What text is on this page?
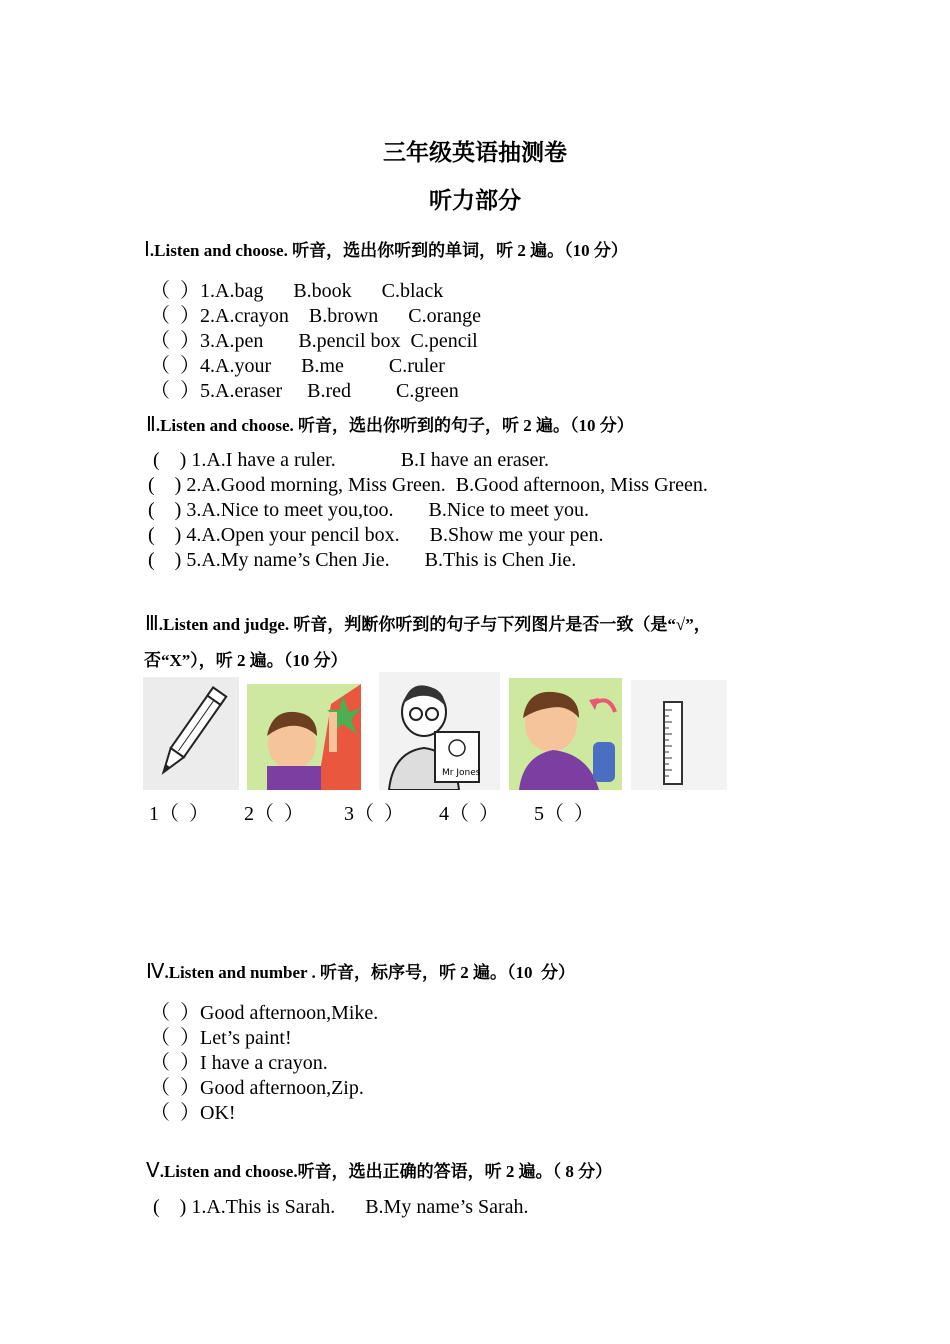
三年级英语抽测卷
听力部分
Ⅰ.Listen and choose. 听音，选出你听到的单词，听 2 遍。（10 分）
（  ）1.A.bag      B.book      C.black
（  ）2.A.crayon    B.brown      C.orange
（  ）3.A.pen       B.pencil box  C.pencil
（  ）4.A.your      B.me         C.ruler
（  ）5.A.eraser     B.red         C.green
Ⅱ.Listen and choose. 听音，选出你听到的句子，听 2 遍。（10 分）
(    ) 1.A.I have a ruler.             B.I have an eraser.
(    ) 2.A.Good morning, Miss Green.  B.Good afternoon, Miss Green.
(    ) 3.A.Nice to meet you,too.       B.Nice to meet you.
(    ) 4.A.Open your pencil box.      B.Show me your pen.
(    ) 5.A.My name’s Chen Jie.       B.This is Chen Jie.
Ⅲ.Listen and judge. 听音，判断你听到的句子与下列图片是否一致（是“√”，
否“X”），听 2 遍。（10 分）
Mr Jones
1（  ） 2（  ） 3（  ） 4（  ） 5（  ）
Ⅳ.Listen and number . 听音，标序号，听 2 遍。（10  分）
（  ）Good afternoon,Mike.
（  ）Let’s paint!
（  ）I have a crayon.
（  ）Good afternoon,Zip.
（  ）OK!
Ⅴ.Listen and choose.听音，选出正确的答语，听 2 遍。（ 8 分）
(    ) 1.A.This is Sarah.      B.My name’s Sarah.
